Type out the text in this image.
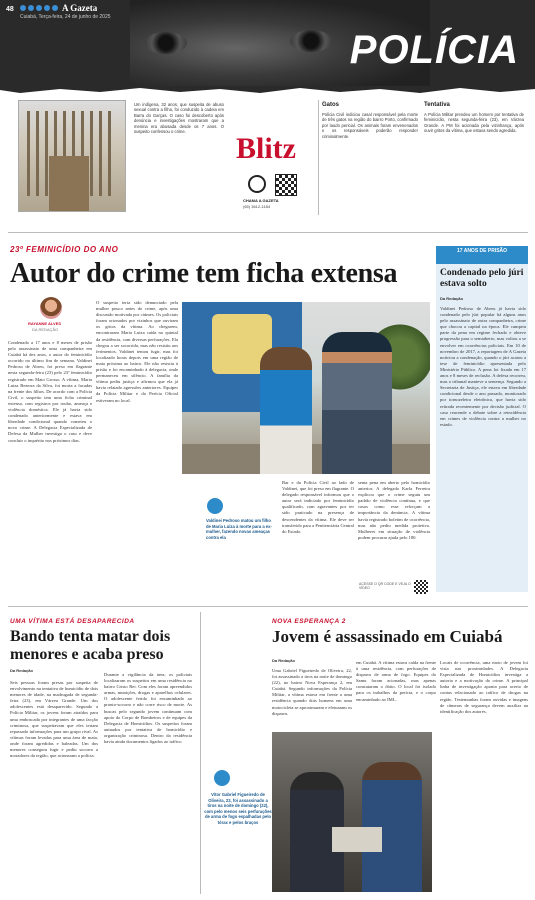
48	A Gazeta
Cuiabá, Terça-feira, 24 de junho de 2025
POLÍCIA
Um indígena, 32 anos, que suspeita de abuso sexual contra a filha, foi conduzido à cadeia em Barra do Garças. O caso foi descoberto após denúncia e investigações mostraram que a menina era abusada desde os 7 anos. O suspeito confessou o crime.
Blitz
CHAMA A GAZETA
(65) 3612-1184
Gatos
Polícia Civil indiciou casal responsável pela morte de três gatos na região do bairro Porto, confirmado por laudo pericial. Os animais foram envenenados e os responsáveis poderão responder criminalmente.
Tentativa
A Polícia Militar prendeu um homem por tentativa de feminicídio, nesta segunda-feira (23), em Várzea Grande. A PM foi acionada pela vizinhança, após ouvir gritos da vítima, que estava sendo agredida.
23º FEMINICÍDIO DO ANO
Autor do crime tem ficha extensa
RAYANNE ALVES
DA REDAÇÃO
Condenado a 17 anos e 8 meses de prisão pelo assassinato de uma companheira em Cuiabá há dez anos, o autor do feminicídio ocorrido no último fim de semana, Valdinei Pedroso de Abreu, foi preso em flagrante nesta segunda-feira (23) pelo 23º feminicídio registrado em Mato Grosso. A vítima, Maria Luiza Bezerra da Silva, foi morta a facadas na frente dos filhos. De acordo com a Polícia Civil, o suspeito tem uma ficha criminal extensa, com registros por roubo, ameaça e violência doméstica. Ele já havia sido condenado anteriormente e estava em liberdade condicional quando cometeu o novo crime. A Delegacia Especializada de Defesa da Mulher investiga o caso e deve concluir o inquérito nos próximos dias.
O suspeito teria sido denunciado pela mulher pouco antes do crime, após uma discussão motivada por ciúmes. Os policiais foram acionados por vizinhos que ouviram os gritos da vítima. Ao chegarem, encontraram Maria Luiza caída no quintal da residência, com diversas perfurações. Ela chegou a ser socorrida, mas não resistiu aos ferimentos. Valdinei tentou fugir, mas foi localizado horas depois em uma região de mata próxima ao bairro. Ele não resistiu à prisão e foi encaminhado à delegacia, onde permaneceu em silêncio. A família da vítima pediu justiça e afirmou que ela já havia relatado agressões anteriores. Equipes da Polícia Militar e da Perícia Oficial estiveram no local.
Valdinei Pedroso matou um filho de Maria Luiza à morte para a ex-mulher, fazendo novas ameaças contra ela
Bar e da Polícia Civil ao lado de Valdinei, que foi preso em flagrante. O delegado responsável informou que o autor será indiciado por feminicídio qualificado, com agravantes por ter sido praticado na presença de descendentes da vítima. Ele deve ser transferido para a Penitenciária Central do Estado.
senta pena em aberto pelo homicídio anterior. A delegada Karla Ferreira explicou que o crime seguiu um padrão de violência contínua, e que casos como esse reforçam a importância da denúncia. A vítima havia registrado boletim de ocorrência, mas não pediu medida protetiva. Mulheres em situação de violência podem procurar ajuda pelo 180.
ACESSE O QR CODE E VEJA O VÍDEO
17 ANOS DE PRISÃO
Condenado pelo júri estava solto
Da Redação
Valdinei Pedroso de Abreu já havia sido condenado pelo júri popular há alguns anos pelo assassinato de outra companheira, crime que chocou a capital na época. Ele cumpriu parte da pena em regime fechado e obteve progressão para o semiaberto, mas voltou a se envolver em ocorrências policiais. Em 10 de novembro de 2017, a reportagem de A Gazeta noticiou a condenação, quando o júri acatou a tese de feminicídio apresentada pelo Ministério Público. A pena foi fixada em 17 anos e 8 meses de reclusão. A defesa recorreu, mas o tribunal manteve a sentença. Segundo a Secretaria de Justiça, ele estava em liberdade condicional desde o ano passado, monitorado por tornozeleira eletrônica, que havia sido retirada recentemente por decisão judicial. O caso reacende o debate sobre a reincidência em crimes de violência contra a mulher no estado.
UMA VÍTIMA ESTÁ DESAPARECIDA
Bando tenta matar dois menores e acaba preso
Da Redação
Seis pessoas foram presas por suspeita de envolvimento na tentativa de homicídio de dois menores de idade, na madrugada de segunda-feira (23), em Várzea Grande. Um dos adolescentes está desaparecido. Segundo a Polícia Militar, os jovens foram atraídos para uma emboscada por integrantes de uma facção criminosa, que suspeitavam que eles teriam repassado informações para um grupo rival. As vítimas foram levadas para uma área de mata, onde foram agredidas e baleadas. Um dos menores conseguiu fugir e pediu socorro a moradores da região, que acionaram a polícia.
Durante a vigilância da área, os policiais localizaram os suspeitos em uma residência no bairro Cristo Rei. Com eles foram apreendidos armas, munições, drogas e aparelhos celulares. O adolescente ferido foi encaminhado ao pronto-socorro e não corre risco de morte. As buscas pelo segundo jovem continuam com apoio do Corpo de Bombeiros e de equipes da Delegacia de Homicídios. Os suspeitos foram autuados por tentativa de homicídio e organização criminosa. Dentro da residência havia ainda documentos ligados ao tráfico.
NOVA ESPERANÇA 2
Jovem é assassinado em Cuiabá
Da Redação
Uma Gabriel Figueiredo de Oliveira, 22, foi assassinado a tiros na noite de domingo (22), no bairro Nova Esperança 2, em Cuiabá. Segundo informações da Polícia Militar, a vítima estava em frente a uma residência quando dois homens em uma motocicleta se aproximaram e efetuaram os disparos.
em Cuiabá. A vítima estava caída na frente à uma residência, com perfurações de disparos de arma de fogo. Equipes do Samu foram acionadas, mas apenas constataram o óbito. O local foi isolado para os trabalhos da perícia, e o corpo encaminhado ao IML.
Locais de ocorrência, uma moto de jovem foi vista nas proximidades. A Delegacia Especializada de Homicídios investiga a autoria e a motivação do crime. A principal linha de investigação aponta para acerto de contas relacionado ao tráfico de drogas na região. Testemunhas foram ouvidas e imagens de câmeras de segurança devem auxiliar na identificação dos autores.
Vítor Gabriel Figueiredo de Oliveira, 22, foi assassinado a tiros na noite de domingo (22), com pelo menos seis perfurações de arma de fogo espalhadas pelo tórax e pelos braços
